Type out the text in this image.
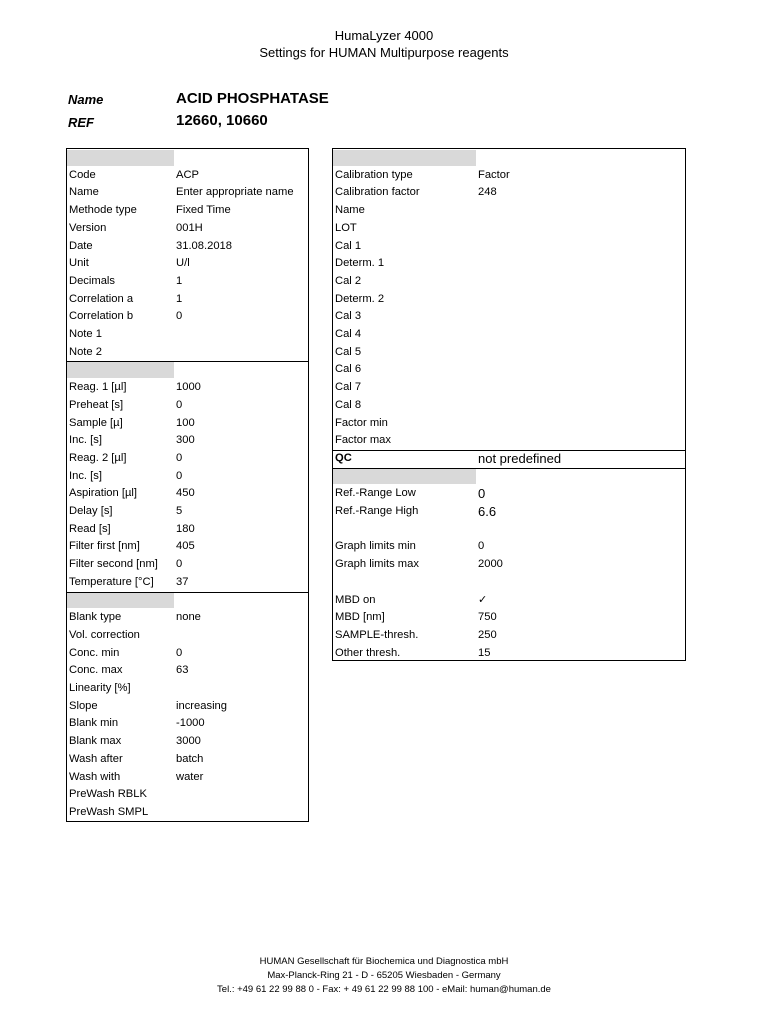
HumaLyzer 4000
Settings for HUMAN Multipurpose reagents
Name	ACID PHOSPHATASE
REF	12660, 10660
Code	ACP
Name	Enter appropriate name
Methode type	Fixed Time
Version	001H
Date	31.08.2018
Unit	U/l
Decimals	1
Correlation a	1
Correlation b	0
Note 1
Note 2
Reag. 1 [µl]	1000
Preheat [s]	0
Sample [µ]	100
Inc. [s]	300
Reag. 2 [µl]	0
Inc. [s]	0
Aspiration [µl]	450
Delay [s]	5
Read [s]	180
Filter first [nm]	405
Filter second [nm] 0
Temperature [°C] 37
Blank type	none
Vol. correction
Conc. min	0
Conc. max	63
Linearity [%]
Slope	increasing
Blank min	-1000
Blank max	3000
Wash after	batch
Wash with	water
PreWash RBLK
PreWash SMPL
Calibration type	Factor
Calibration factor	248
Name
LOT
Cal 1
Determ. 1
Cal 2
Determ. 2
Cal 3
Cal 4
Cal 5
Cal 6
Cal 7
Cal 8
Factor min
Factor max
QC	not predefined
Ref.-Range Low	0
Ref.-Range High	6.6
Graph limits min	0
Graph limits max	2000
MBD on	✓
MBD [nm]	750
SAMPLE-thresh.	250
Other thresh.	15
HUMAN Gesellschaft für Biochemica und Diagnostica mbH
Max-Planck-Ring 21 - D - 65205 Wiesbaden - Germany
Tel.: +49 61 22 99 88 0 - Fax: + 49 61 22 99 88 100 - eMail: human@human.de
